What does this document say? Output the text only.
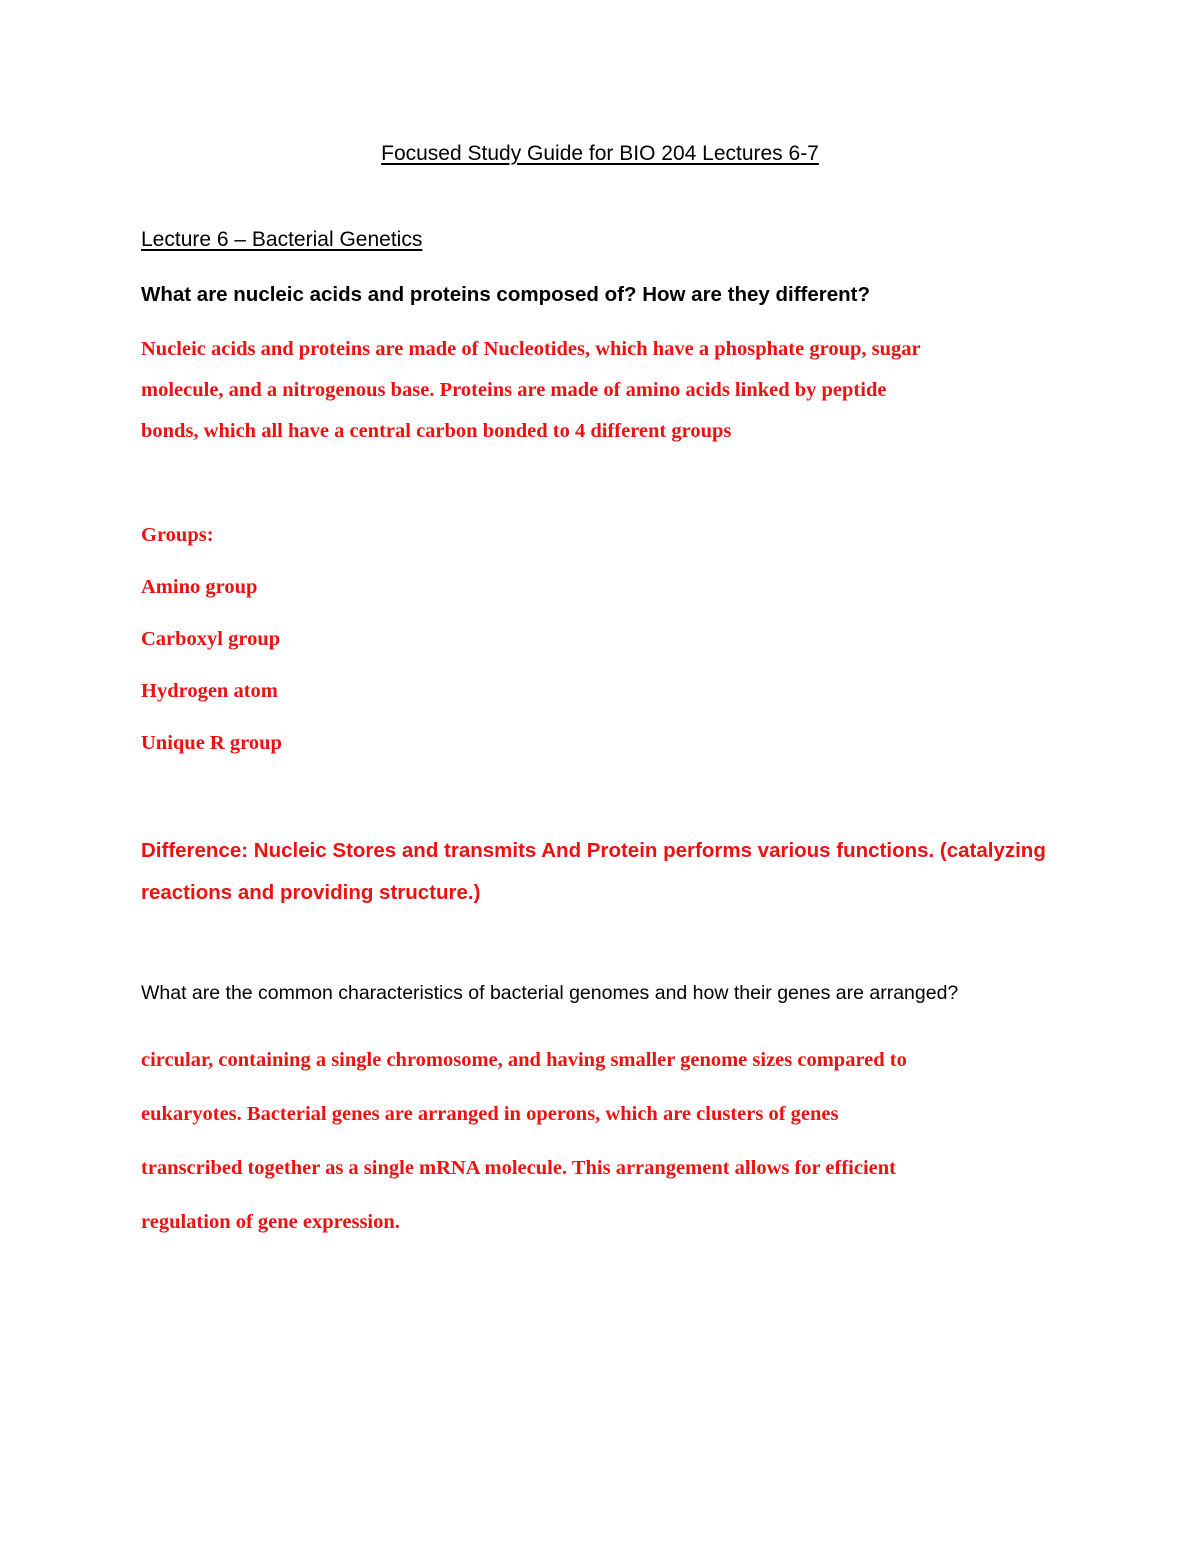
Focused Study Guide for BIO 204 Lectures 6-7

Lecture 6 – Bacterial Genetics

What are nucleic acids and proteins composed of? How are they different?

Nucleic acids and proteins are made of Nucleotides, which have a phosphate group, sugar

molecule, and a nitrogenous base. Proteins are made of amino acids linked by peptide

bonds, which all have a central carbon bonded to 4 different groups

Groups:

Amino group

Carboxyl group

Hydrogen atom

Unique R group

Difference: Nucleic Stores and transmits And Protein performs various functions. (catalyzing

reactions and providing structure.)

What are the common characteristics of bacterial genomes and how their genes are arranged?

circular, containing a single chromosome, and having smaller genome sizes compared to

eukaryotes. Bacterial genes are arranged in operons, which are clusters of genes

transcribed together as a single mRNA molecule. This arrangement allows for efficient

regulation of gene expression.
